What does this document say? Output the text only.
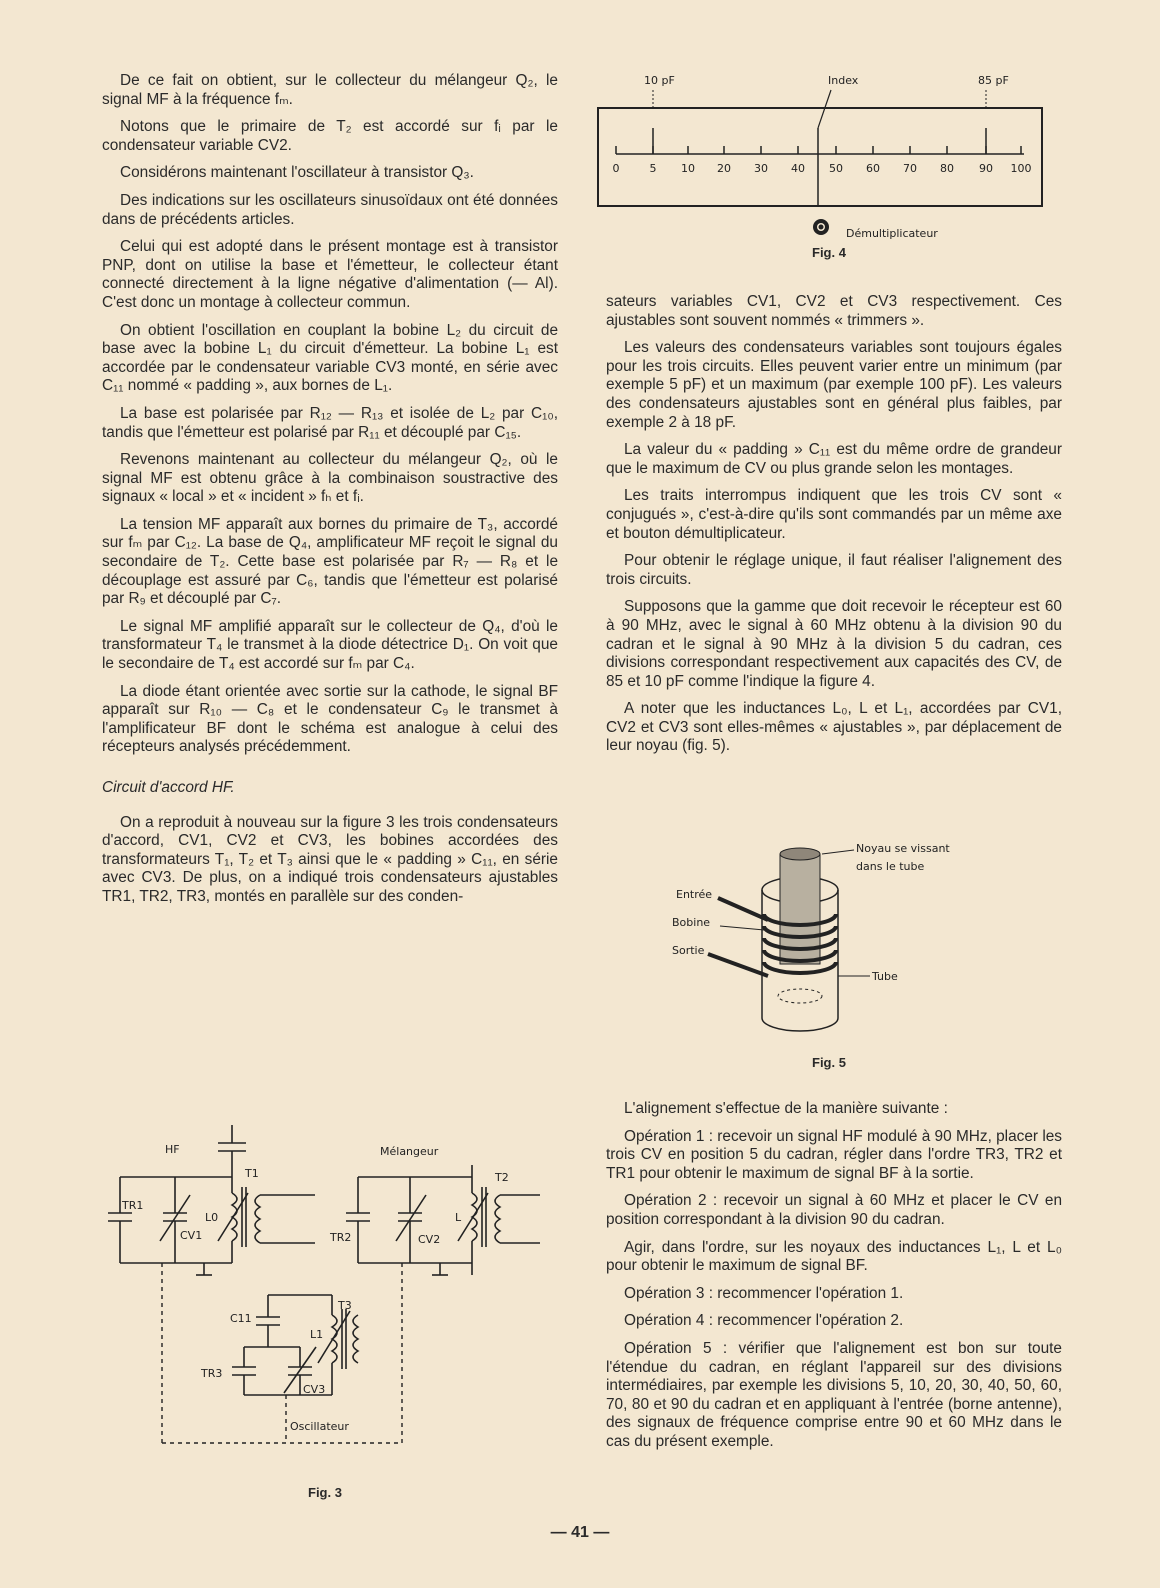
De ce fait on obtient, sur le collecteur du mélangeur Q₂, le signal MF à la fréquence fₘ.

Notons que le primaire de T₂ est accordé sur fᵢ par le condensateur variable CV2.

Considérons maintenant l'oscillateur à transistor Q₃.

Des indications sur les oscillateurs sinusoïdaux ont été données dans de précédents articles.

Celui qui est adopté dans le présent montage est à transistor PNP, dont on utilise la base et l'émetteur, le collecteur étant connecté directement à la ligne négative d'alimentation (— Al). C'est donc un montage à collecteur commun.

On obtient l'oscillation en couplant la bobine L₂ du circuit de base avec la bobine L₁ du circuit d'émetteur. La bobine L₁ est accordée par le condensateur variable CV3 monté, en série avec C₁₁ nommé « padding », aux bornes de L₁.

La base est polarisée par R₁₂ — R₁₃ et isolée de L₂ par C₁₀, tandis que l'émetteur est polarisé par R₁₁ et découplé par C₁₅.

Revenons maintenant au collecteur du mélangeur Q₂, où le signal MF est obtenu grâce à la combinaison soustractive des signaux « local » et « incident » fₕ et fᵢ.

La tension MF apparaît aux bornes du primaire de T₃, accordé sur fₘ par C₁₂. La base de Q₄, amplificateur MF reçoit le signal du secondaire de T₂. Cette base est polarisée par R₇ — R₈ et le découplage est assuré par C₆, tandis que l'émetteur est polarisé par R₉ et découplé par C₇.

Le signal MF amplifié apparaît sur le collecteur de Q₄, d'où le transformateur T₄ le transmet à la diode détectrice D₁. On voit que le secondaire de T₄ est accordé sur fₘ par C₄.

La diode étant orientée avec sortie sur la cathode, le signal BF apparaît sur R₁₀ — C₈ et le condensateur C₉ le transmet à l'amplificateur BF dont le schéma est analogue à celui des récepteurs analysés précédemment.

Circuit d'accord HF.

On a reproduit à nouveau sur la figure 3 les trois condensateurs d'accord, CV1, CV2 et CV3, les bobines accordées des transformateurs T₁, T₂ et T₃ ainsi que le « padding » C₁₁, en série avec CV3. De plus, on a indiqué trois condensateurs ajustables TR1, TR2, TR3, montés en parallèle sur des conden-

10 pF	Index	85 pF
0	5 10 20 30 40 50 60 70 80 90 100
Démultiplicateur
Fig. 4

sateurs variables CV1, CV2 et CV3 respectivement. Ces ajustables sont souvent nommés « trimmers ».

Les valeurs des condensateurs variables sont toujours égales pour les trois circuits. Elles peuvent varier entre un minimum (par exemple 5 pF) et un maximum (par exemple 100 pF). Les valeurs des condensateurs ajustables sont en général plus faibles, par exemple 2 à 18 pF.

La valeur du « padding » C₁₁ est du même ordre de grandeur que le maximum de CV ou plus grande selon les montages.

Les traits interrompus indiquent que les trois CV sont « conjugués », c'est-à-dire qu'ils sont commandés par un même axe et bouton démultiplicateur.

Pour obtenir le réglage unique, il faut réaliser l'alignement des trois circuits.

Supposons que la gamme que doit recevoir le récepteur est 60 à 90 MHz, avec le signal à 60 MHz obtenu à la division 90 du cadran et le signal à 90 MHz à la division 5 du cadran, ces divisions correspondant respectivement aux capacités des CV, de 85 et 10 pF comme l'indique la figure 4.

A noter que les inductances L₀, L et L₁, accordées par CV1, CV2 et CV3 sont elles-mêmes « ajustables », par déplacement de leur noyau (fig. 5).

Noyau se vissant
dans le tube
Entrée
Bobine
Sortie
Tube
Fig. 5

L'alignement s'effectue de la manière suivante :

Opération 1 : recevoir un signal HF modulé à 90 MHz, placer les trois CV en position 5 du cadran, régler dans l'ordre TR3, TR2 et TR1 pour obtenir le maximum de signal BF à la sortie.

Opération 2 : recevoir un signal à 60 MHz et placer le CV en position correspondant à la division 90 du cadran.

Agir, dans l'ordre, sur les noyaux des inductances L₁, L et L₀ pour obtenir le maximum de signal BF.

Opération 3 : recommencer l'opération 1.

Opération 4 : recommencer l'opération 2.

Opération 5 : vérifier que l'alignement est bon sur toute l'étendue du cadran, en réglant l'appareil sur des divisions intermédiaires, par exemple les divisions 5, 10, 20, 30, 40, 50, 60, 70, 80 et 90 du cadran et en appliquant à l'entrée (borne antenne), des signaux de fréquence comprise entre 90 et 60 MHz dans le cas du présent exemple.

HF	Mélangeur
TR1
CV1
L0
T1
TR2	CV2
L
T2
C11
T3
L1
TR3
CV3
Oscillateur
Fig. 3
— 41 —
